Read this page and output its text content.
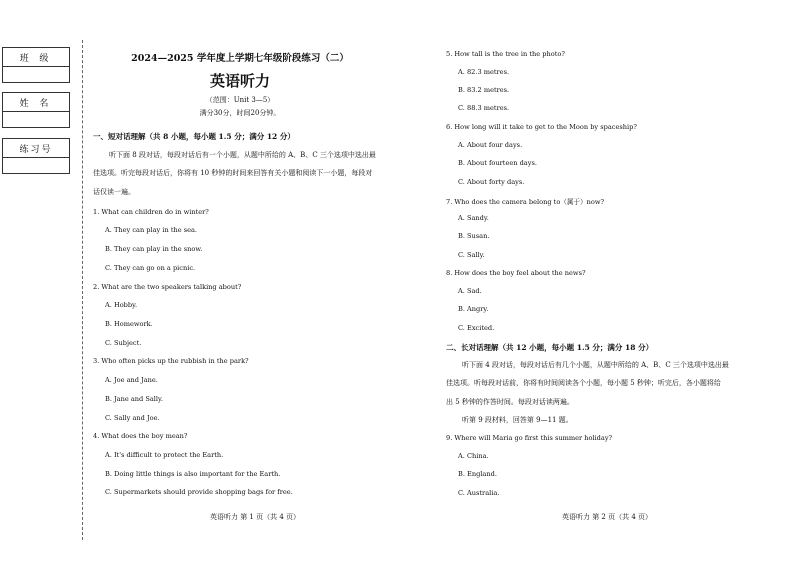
班 级
姓 名
练习号
2024—2025 学年度上学期七年级阶段练习（二）
英语听力
（范围：Unit 3—5）
满分30分，时间20分钟。
一、短对话理解（共 8 小题，每小题 1.5 分；满分 12 分）
听下面 8 段对话，每段对话后有一个小题，从题中所给的 A、B、C 三个选项中选出最
佳选项。听完每段对话后，你将有 10 秒钟的时间来回答有关小题和阅读下一小题，每段对
话仅读一遍。
1. What can children do in winter?
A. They can play in the sea.
B. They can play in the snow.
C. They can go on a picnic.
2. What are the two speakers talking about?
A. Hobby.
B. Homework.
C. Subject.
3. Who often picks up the rubbish in the park?
A. Joe and Jane.
B. Jane and Sally.
C. Sally and Joe.
4. What does the boy mean?
A. It's difficult to protect the Earth.
B. Doing little things is also important for the Earth.
C. Supermarkets should provide shopping bags for free.
英语听力 第 1 页（共 4 页）
5. How tall is the tree in the photo?
A. 82.3 metres.
B. 83.2 metres.
C. 88.3 metres.
6. How long will it take to get to the Moon by spaceship?
A. About four days.
B. About fourteen days.
C. About forty days.
7. Who does the camera belong to（属于）now?
A. Sandy.
B. Susan.
C. Sally.
8. How does the boy feel about the news?
A. Sad.
B. Angry.
C. Excited.
二、长对话理解（共 12 小题，每小题 1.5 分；满分 18 分）
听下面 4 段对话，每段对话后有几个小题，从题中所给的 A、B、C 三个选项中选出最
佳选项。听每段对话前，你将有时间阅读各个小题，每小题 5 秒钟；听完后，各小题将给
出 5 秒钟的作答时间。每段对话读两遍。
听第 9 段材料，回答第 9—11 题。
9. Where will Maria go first this summer holiday?
A. China.
B. England.
C. Australia.
英语听力 第 2 页（共 4 页）
